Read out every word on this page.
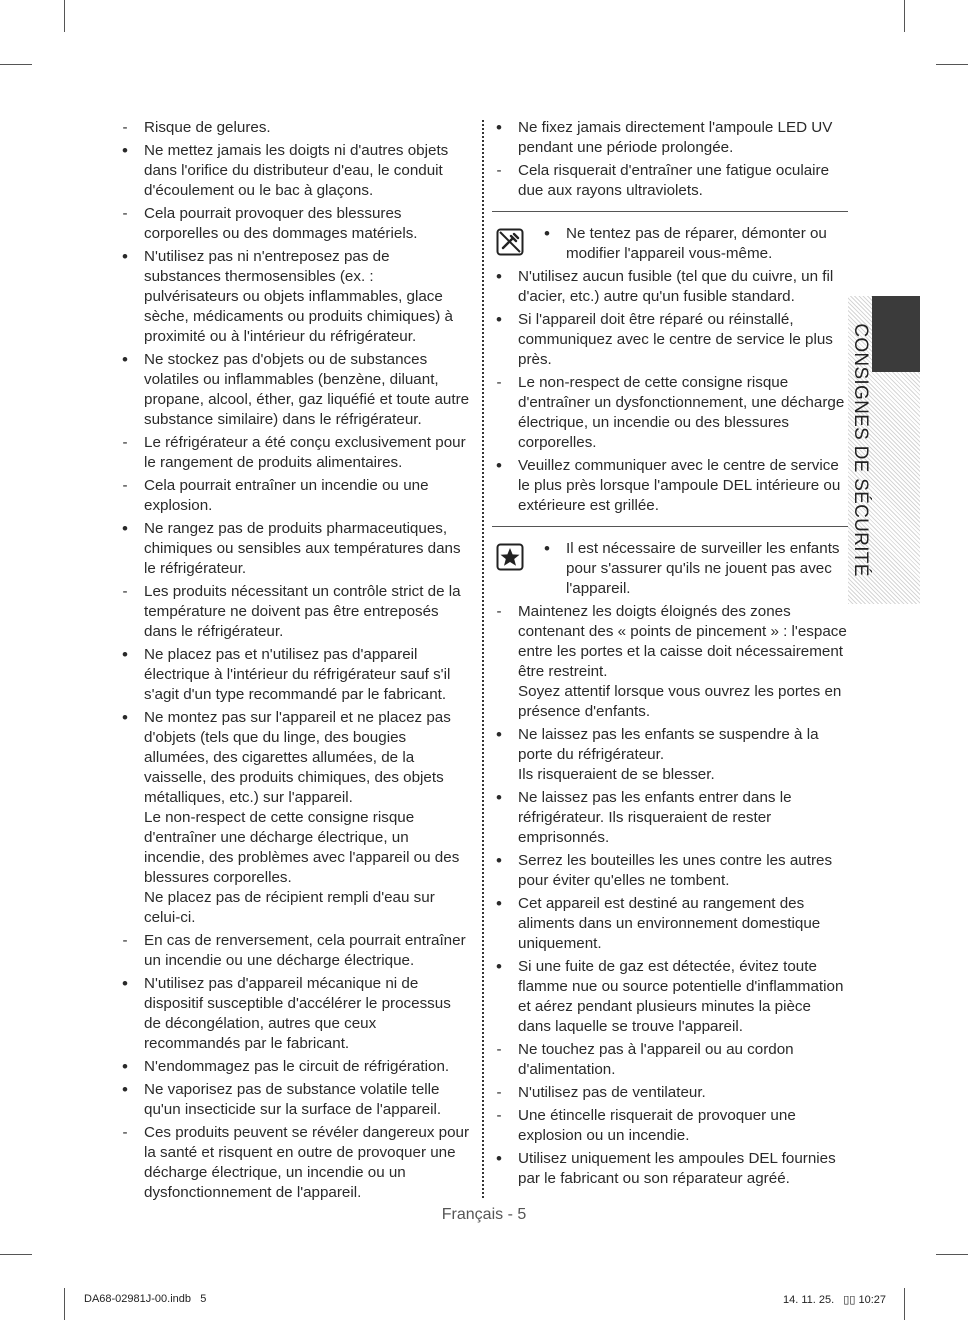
-
Risque de gelures.
•
Ne mettez jamais les doigts ni d'autres objets dans l'orifice du distributeur d'eau, le conduit d'écoulement ou le bac à glaçons.
-
Cela pourrait provoquer des blessures corporelles ou des dommages matériels.
•
N'utilisez pas ni n'entreposez pas de substances thermosensibles (ex. : pulvérisateurs ou objets inflammables, glace sèche, médicaments ou produits chimiques) à proximité ou à l'intérieur du réfrigérateur.
•
Ne stockez pas d'objets ou de substances volatiles ou inflammables (benzène, diluant, propane, alcool, éther, gaz liquéfié et toute autre substance similaire) dans le réfrigérateur.
-
Le réfrigérateur a été conçu exclusivement pour le rangement de produits alimentaires.
-
Cela pourrait entraîner un incendie ou une explosion.
•
Ne rangez pas de produits pharmaceutiques, chimiques ou sensibles aux températures dans le réfrigérateur.
-
Les produits nécessitant un contrôle strict de la température ne doivent pas être entreposés dans le réfrigérateur.
•
Ne placez pas et n'utilisez pas d'appareil électrique à l'intérieur du réfrigérateur sauf s'il s'agit d'un type recommandé par le fabricant.
•
Ne montez pas sur l'appareil et ne placez pas d'objets (tels que du linge, des bougies allumées, des cigarettes allumées, de la vaisselle, des produits chimiques, des objets métalliques, etc.) sur l'appareil.
Le non-respect de cette consigne risque d'entraîner une décharge électrique, un incendie, des problèmes avec l'appareil ou des blessures corporelles.
Ne placez pas de récipient rempli d'eau sur celui-ci.
-
En cas de renversement, cela pourrait entraîner un incendie ou une décharge électrique.
•
N'utilisez pas d'appareil mécanique ni de dispositif susceptible d'accélérer le processus de décongélation, autres que ceux recommandés par le fabricant.
•
N'endommagez pas le circuit de réfrigération.
•
Ne vaporisez pas de substance volatile telle qu'un insecticide sur la surface de l'appareil.
-
Ces produits peuvent se révéler dangereux pour la santé et risquent en outre de provoquer une décharge électrique, un incendie ou un dysfonctionnement de l'appareil.
•
Ne fixez jamais directement l'ampoule LED UV pendant une période prolongée.
-
Cela risquerait d'entraîner une fatigue oculaire due aux rayons ultraviolets.
•
Ne tentez pas de réparer, démonter ou modifier l'appareil vous-même.
•
N'utilisez aucun fusible (tel que du cuivre, un fil d'acier, etc.) autre qu'un fusible standard.
•
Si l'appareil doit être réparé ou réinstallé, communiquez avec le centre de service le plus près.
-
Le non-respect de cette consigne risque d'entraîner un dysfonctionnement, une décharge électrique, un incendie ou des blessures corporelles.
•
Veuillez communiquer avec le centre de service le plus près lorsque l'ampoule DEL intérieure ou extérieure est grillée.
•
Il est nécessaire de surveiller les enfants pour s'assurer qu'ils ne jouent pas avec l'appareil.
-
Maintenez les doigts éloignés des zones contenant des « points de pincement » : l'espace entre les portes et la caisse doit nécessairement être restreint.
Soyez attentif lorsque vous ouvrez les portes en présence d'enfants.
•
Ne laissez pas les enfants se suspendre à la porte du réfrigérateur.
Ils risqueraient de se blesser.
•
Ne laissez pas les enfants entrer dans le réfrigérateur. Ils risqueraient de rester emprisonnés.
•
Serrez les bouteilles les unes contre les autres pour éviter qu'elles ne tombent.
•
Cet appareil est destiné au rangement des aliments dans un environnement domestique uniquement.
•
Si une fuite de gaz est détectée, évitez toute flamme nue ou source potentielle d'inflammation et aérez pendant plusieurs minutes la pièce dans laquelle se trouve l'appareil.
-
Ne touchez pas à l'appareil ou au cordon d'alimentation.
-
N'utilisez pas de ventilateur.
-
Une étincelle risquerait de provoquer une explosion ou un incendie.
•
Utilisez uniquement les ampoules DEL fournies par le fabricant ou son réparateur agréé.
CONSIGNES DE SÉCURITÉ
Français - 5
DA68-02981J-00.indb   5	14. 11. 25.   ▯▯ 10:27
